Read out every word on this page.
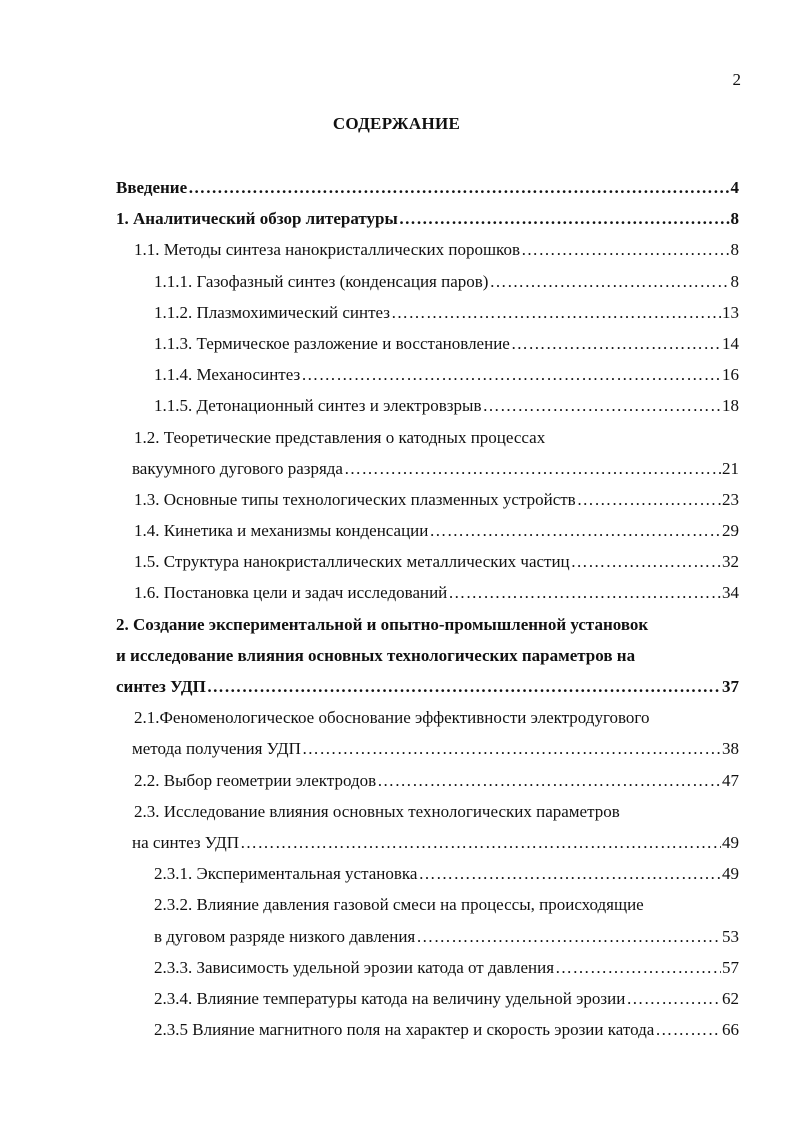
2
СОДЕРЖАНИЕ
Введение ……………………………………………………………………………………………………………………………………………	4
1. Аналитический обзор литературы ……………………………………………………………………………………………………………………………………………	8
1.1. Методы синтеза нанокристаллических порошков ……………………………………………………………………………………………………………………………………………	8
1.1.1. Газофазный синтез (конденсация паров) ……………………………………………………………………………………………………………………………………………	8
1.1.2. Плазмохимический синтез ……………………………………………………………………………………………………………………………………………	13
1.1.3. Термическое разложение и восстановление ……………………………………………………………………………………………………………………………………………	14
1.1.4. Механосинтез ……………………………………………………………………………………………………………………………………………	16
1.1.5. Детонационный синтез и электровзрыв ……………………………………………………………………………………………………………………………………………	18
1.2. Теоретические представления о катодных процессах
вакуумного дугового разряда ……………………………………………………………………………………………………………………………………………	21
1.3. Основные типы технологических плазменных устройств ……………………………………………………………………………………………………………………………………………	23
1.4. Кинетика и механизмы конденсации ……………………………………………………………………………………………………………………………………………	29
1.5. Структура нанокристаллических металлических частиц ……………………………………………………………………………………………………………………………………………	32
1.6. Постановка цели и задач исследований ……………………………………………………………………………………………………………………………………………	34
2. Создание экспериментальной и опытно-промышленной установок
и исследование влияния основных технологических параметров на
синтез УДП ……………………………………………………………………………………………………………………………………………	37
2.1.Феноменологическое обоснование эффективности электродугового
метода получения УДП ……………………………………………………………………………………………………………………………………………	38
2.2. Выбор геометрии электродов ……………………………………………………………………………………………………………………………………………	47
2.3. Исследование влияния основных технологических параметров
на синтез УДП ……………………………………………………………………………………………………………………………………………	49
2.3.1. Экспериментальная установка ……………………………………………………………………………………………………………………………………………	49
2.3.2. Влияние давления газовой смеси на процессы, происходящие
в дуговом разряде низкого давления ……………………………………………………………………………………………………………………………………………	53
2.3.3. Зависимость удельной эрозии катода от давления ……………………………………………………………………………………………………………………………………………	57
2.3.4. Влияние температуры катода на величину удельной эрозии ……………………………………………………………………………………………………………………………………………	62
2.3.5 Влияние магнитного поля на характер и скорость эрозии катода ……………………………………………………………………………………………………………………………………………	66
